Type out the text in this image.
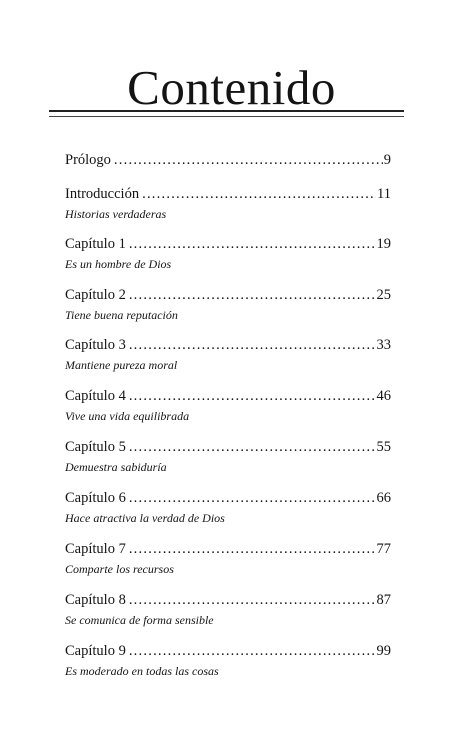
Contenido
Prólogo . . .	9
Introducción . . .	11
Historias verdaderas
Capítulo 1 . . .	19
Es un hombre de Dios
Capítulo 2 . . .	25
Tiene buena reputación
Capítulo 3 . . .	33
Mantiene pureza moral
Capítulo 4 . . .	46
Vive una vida equilibrada
Capítulo 5 . . .	55
Demuestra sabiduría
Capítulo 6 . . .	66
Hace atractiva la verdad de Dios
Capítulo 7 . . .	77
Comparte los recursos
Capítulo 8 . . .	87
Se comunica de forma sensible
Capítulo 9 . . .	99
Es moderado en todas las cosas
